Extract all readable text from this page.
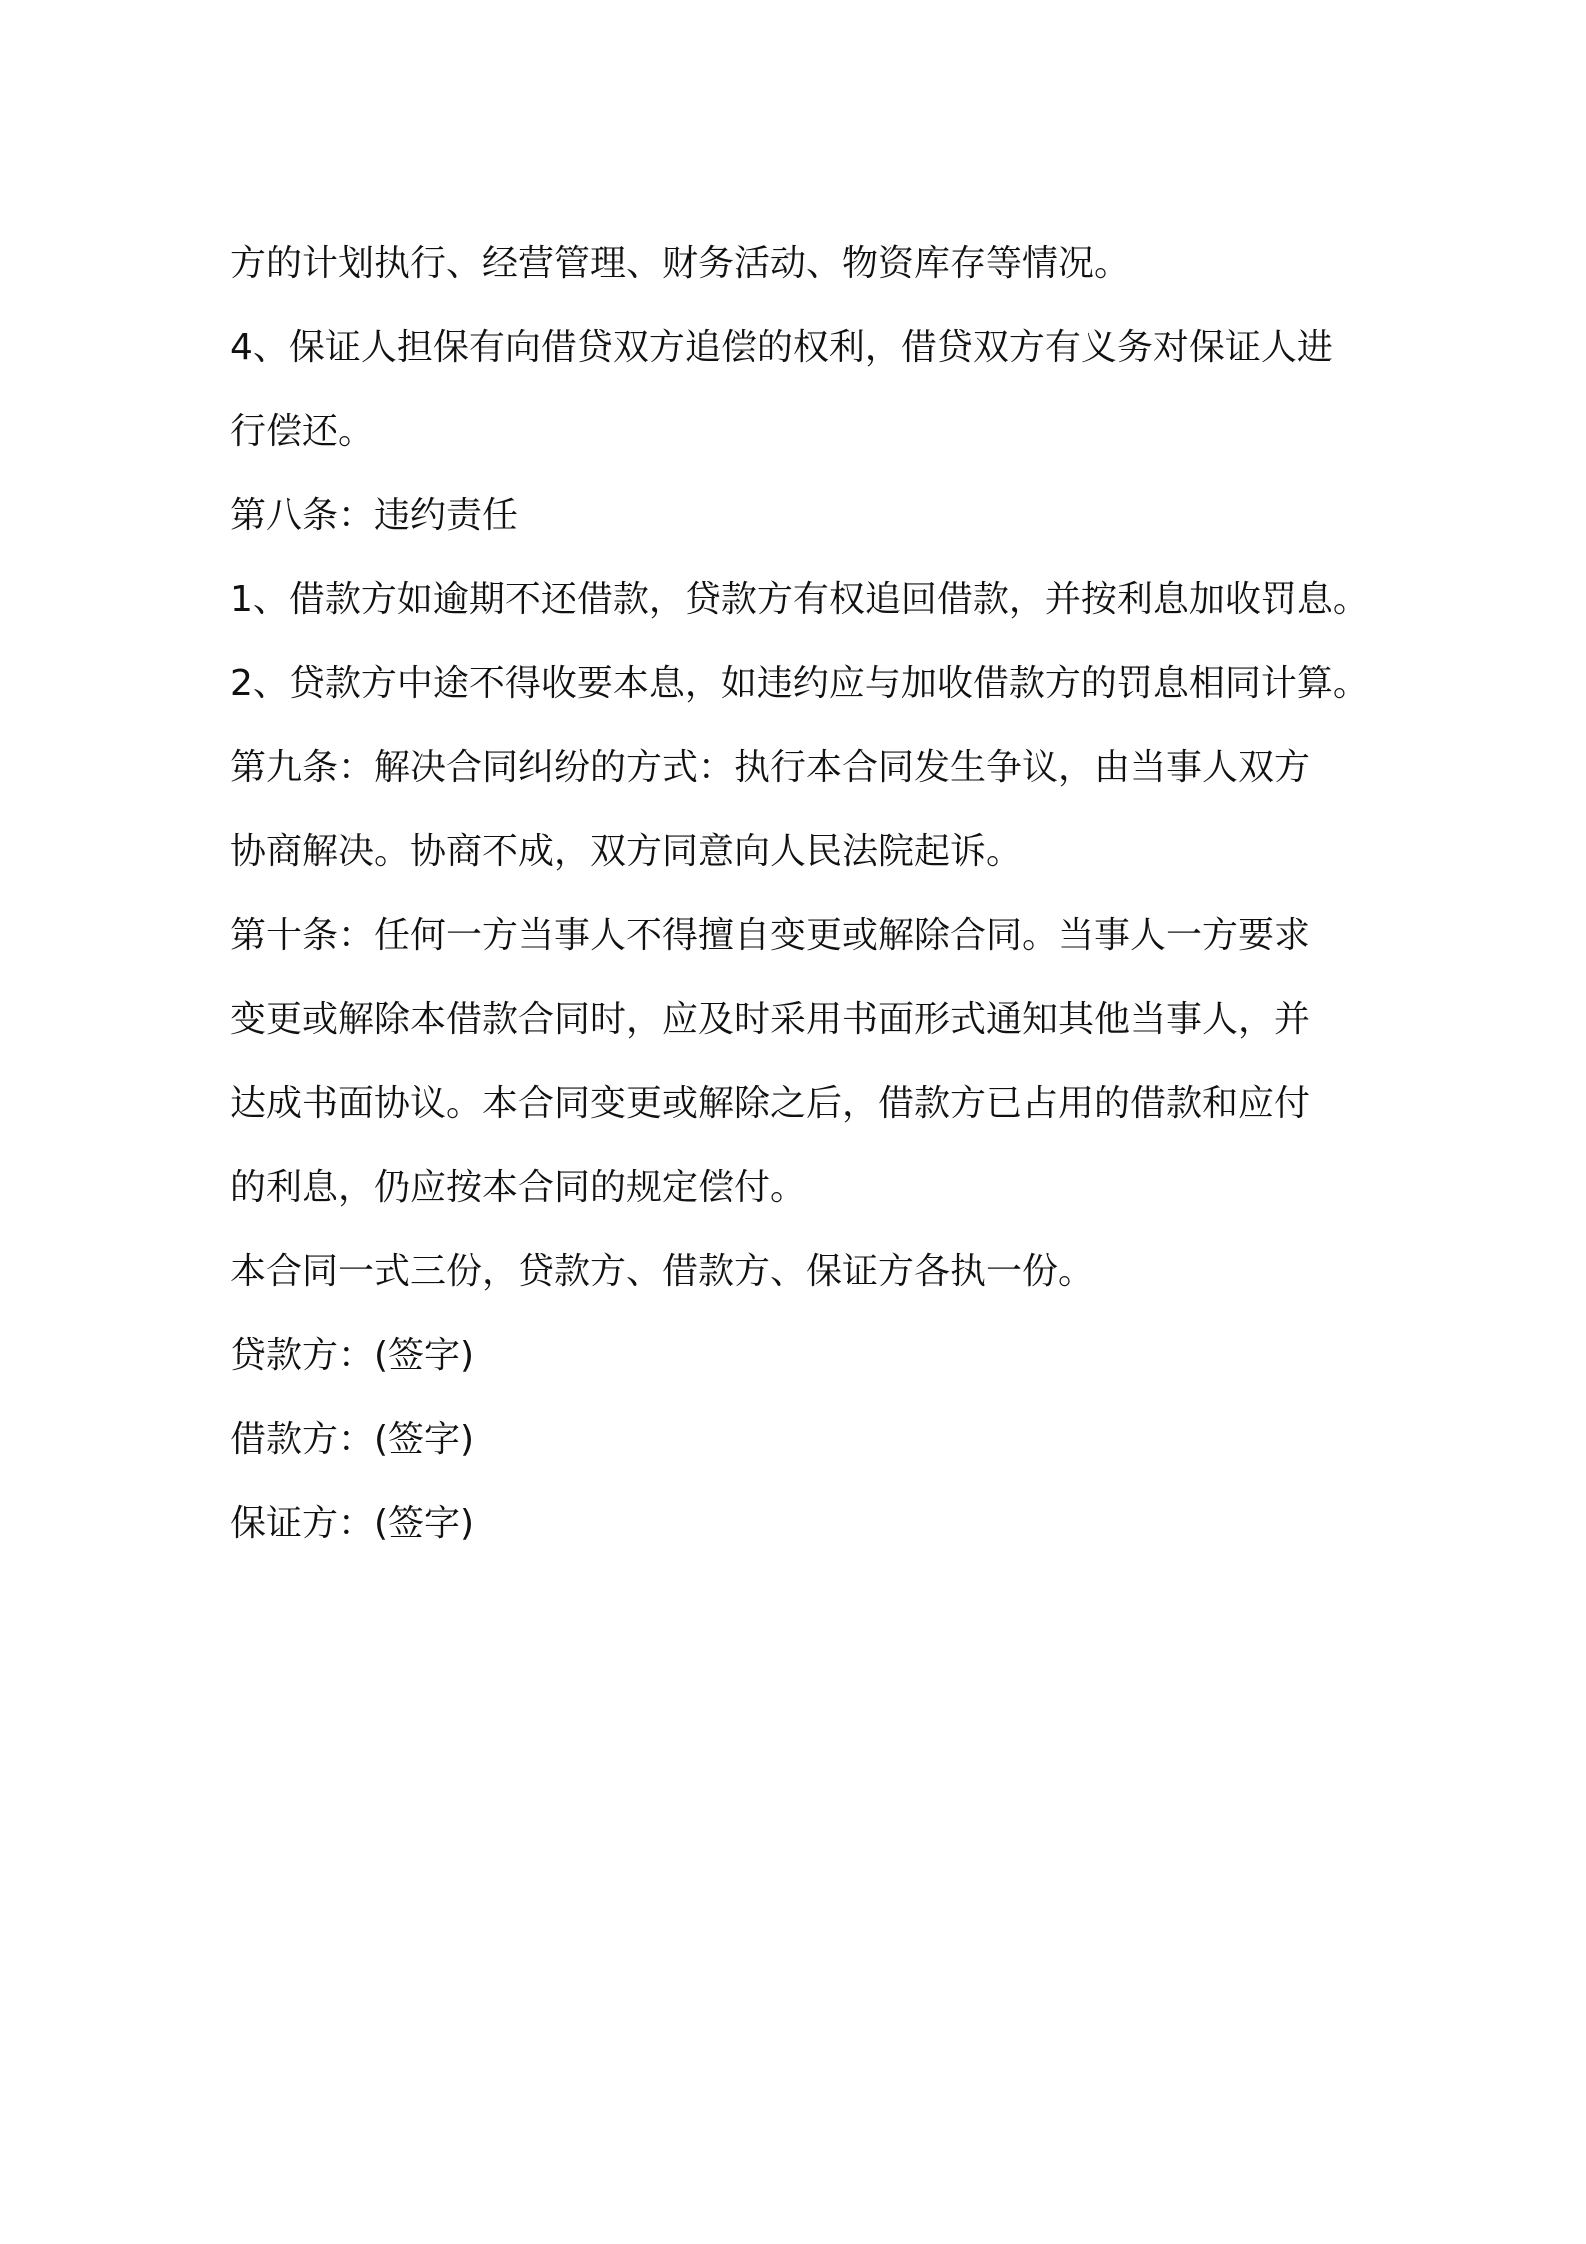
方的计划执行、经营管理、财务活动、物资库存等情况。
4、保证人担保有向借贷双方追偿的权利，借贷双方有义务对保证人进
行偿还。
第八条：违约责任
1、借款方如逾期不还借款，贷款方有权追回借款，并按利息加收罚息。
2、贷款方中途不得收要本息，如违约应与加收借款方的罚息相同计算。
第九条：解决合同纠纷的方式：执行本合同发生争议，由当事人双方
协商解决。协商不成，双方同意向人民法院起诉。
第十条：任何一方当事人不得擅自变更或解除合同。当事人一方要求
变更或解除本借款合同时，应及时采用书面形式通知其他当事人，并
达成书面协议。本合同变更或解除之后，借款方已占用的借款和应付
的利息，仍应按本合同的规定偿付。
本合同一式三份，贷款方、借款方、保证方各执一份。
贷款方：(签字)
借款方：(签字)
保证方：(签字)
